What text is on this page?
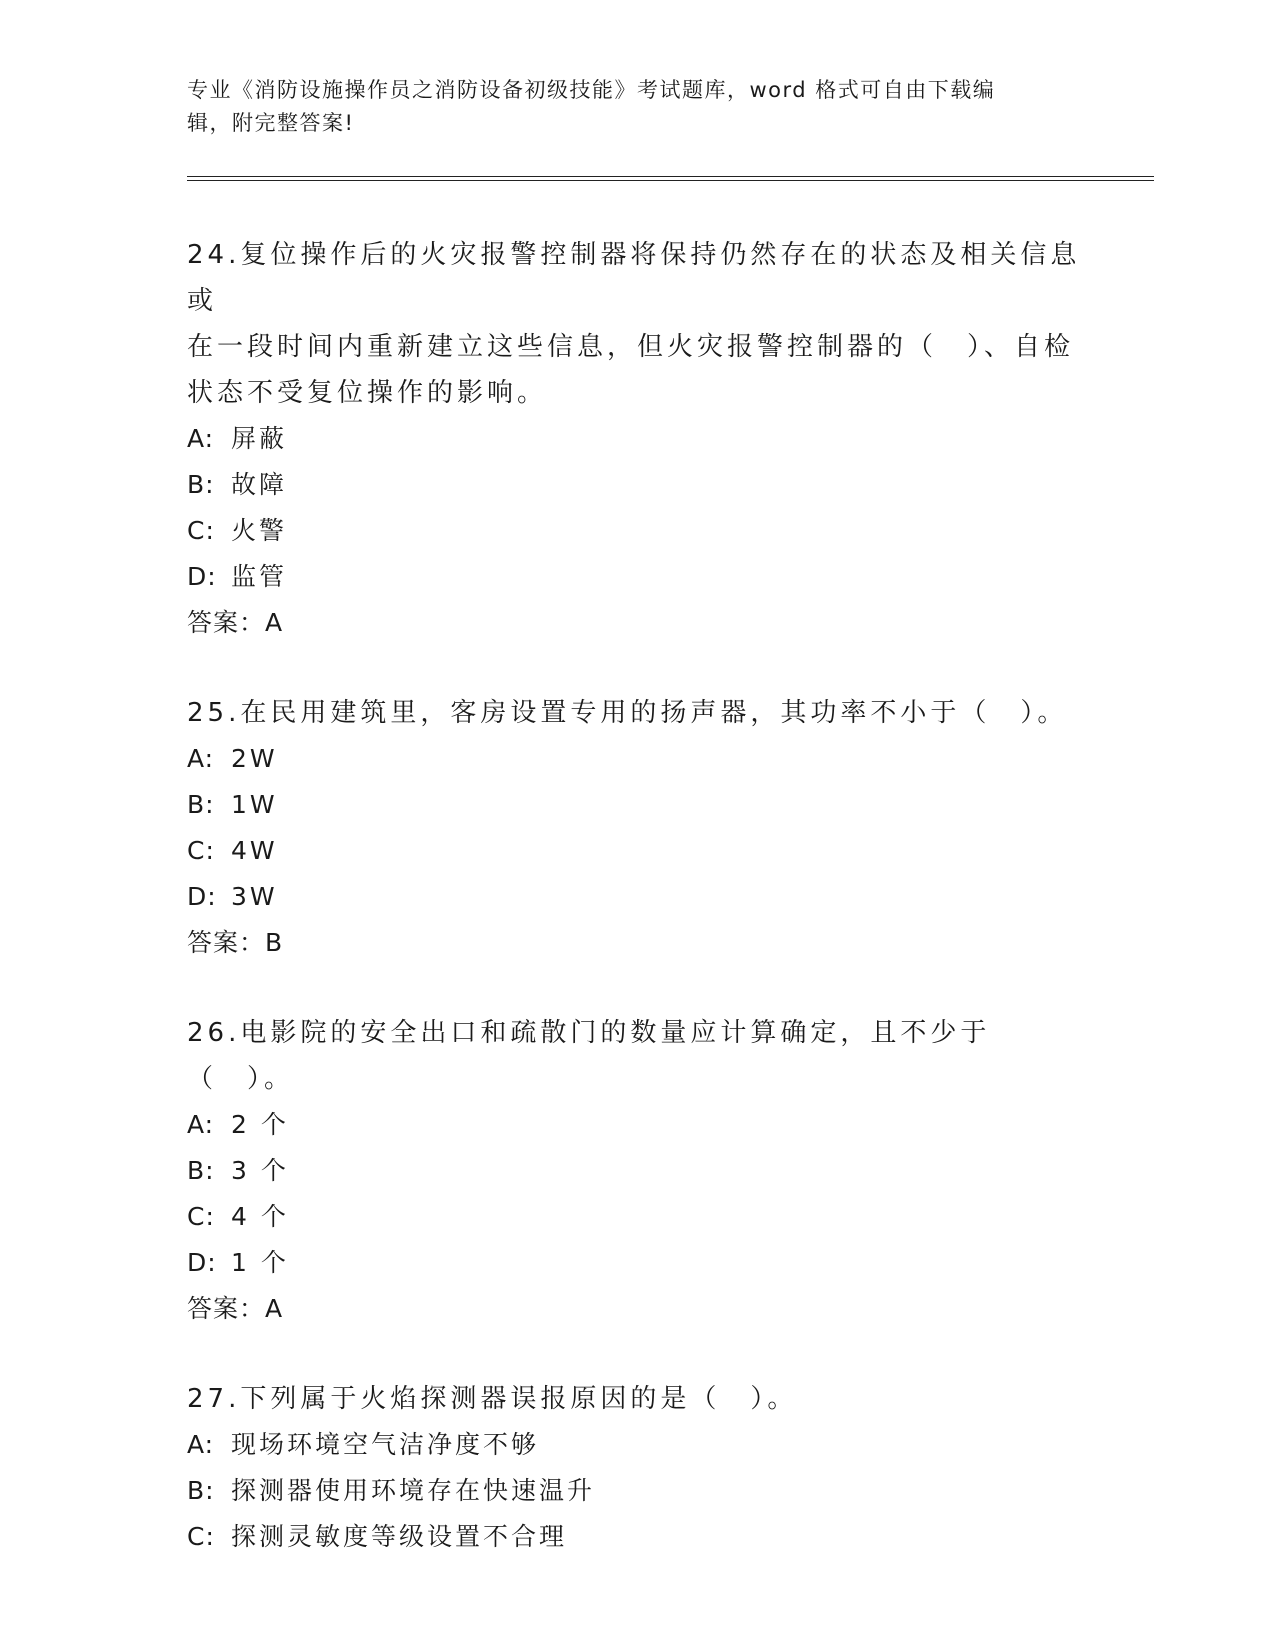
专业《消防设施操作员之消防设备初级技能》考试题库，word 格式可自由下载编
辑，附完整答案!

24.复位操作后的火灾报警控制器将保持仍然存在的状态及相关信息或

在一段时间内重新建立这些信息，但火灾报警控制器的（　）、自检

状态不受复位操作的影响。

A: 屏蔽

B: 故障

C: 火警

D: 监管

答案：A

25.在民用建筑里，客房设置专用的扬声器，其功率不小于（　）。

A: 2W

B: 1W

C: 4W

D: 3W

答案：B

26.电影院的安全出口和疏散门的数量应计算确定，且不少于（　）。

A: 2 个

B: 3 个

C: 4 个

D: 1 个

答案：A

27.下列属于火焰探测器误报原因的是（　）。

A: 现场环境空气洁净度不够

B: 探测器使用环境存在快速温升

C: 探测灵敏度等级设置不合理
